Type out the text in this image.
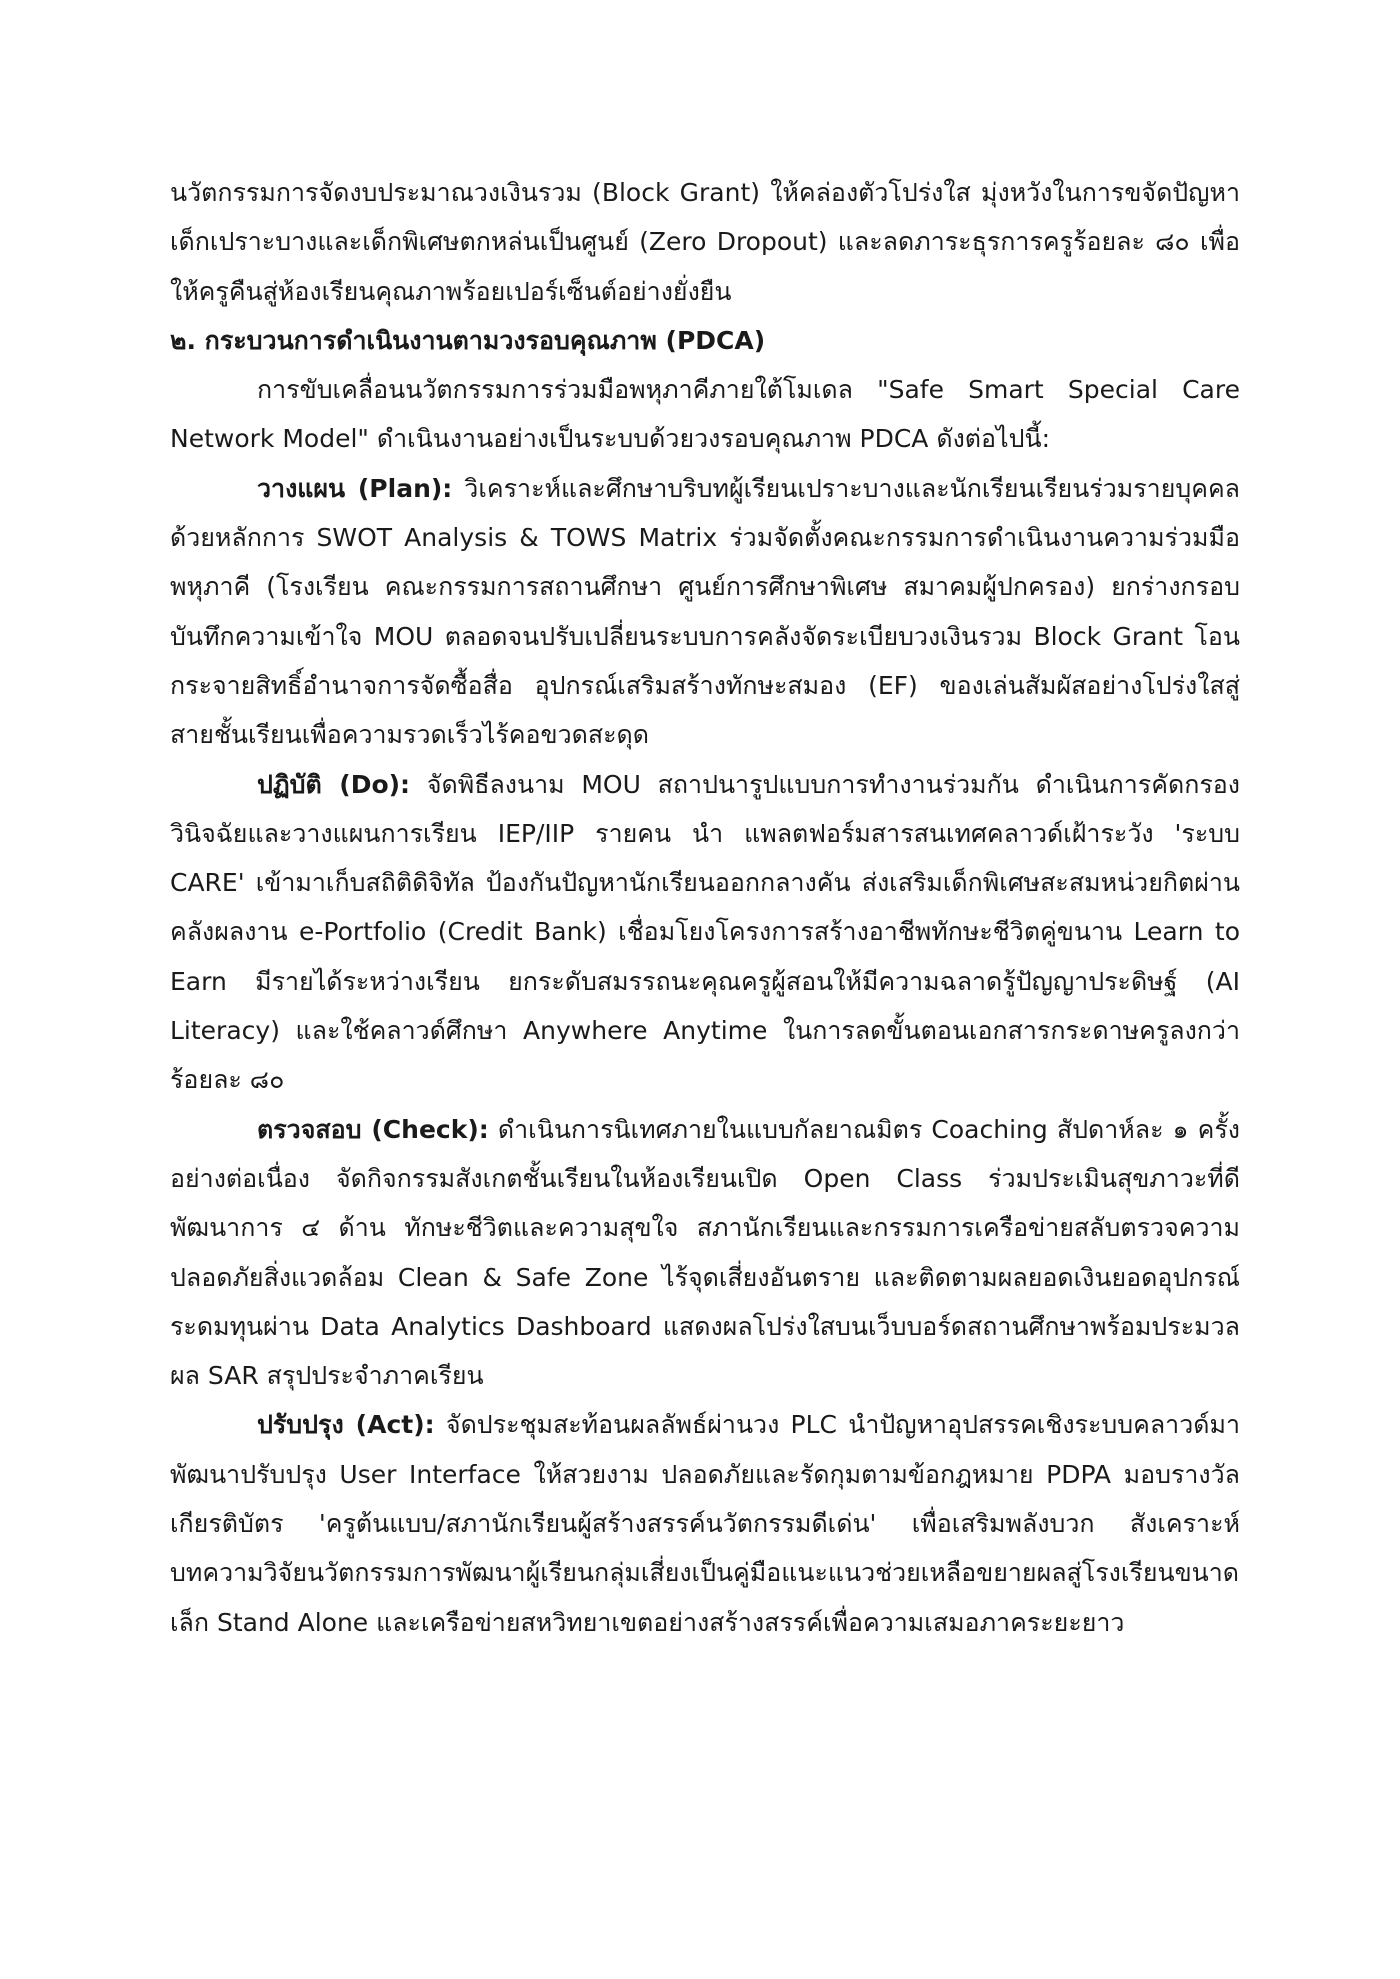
นวัตกรรมการจัดงบประมาณวงเงินรวม (Block Grant) ให้คล่องตัวโปร่งใส มุ่งหวังในการขจัดปัญหาเด็กเปราะบางและเด็กพิเศษตกหล่นเป็นศูนย์ (Zero Dropout) และลดภาระธุรการครูร้อยละ ๘๐ เพื่อให้ครูคืนสู่ห้องเรียนคุณภาพร้อยเปอร์เซ็นต์อย่างยั่งยืน

๒. กระบวนการดำเนินงานตามวงรอบคุณภาพ (PDCA)

การขับเคลื่อนนวัตกรรมการร่วมมือพหุภาคีภายใต้โมเดล "Safe Smart Special Care Network Model" ดำเนินงานอย่างเป็นระบบด้วยวงรอบคุณภาพ PDCA ดังต่อไปนี้:

วางแผน (Plan): วิเคราะห์และศึกษาบริบทผู้เรียนเปราะบางและนักเรียนเรียนร่วมรายบุคคลด้วยหลักการ SWOT Analysis & TOWS Matrix ร่วมจัดตั้งคณะกรรมการดำเนินงานความร่วมมือพหุภาคี (โรงเรียน คณะกรรมการสถานศึกษา ศูนย์การศึกษาพิเศษ สมาคมผู้ปกครอง) ยกร่างกรอบบันทึกความเข้าใจ MOU ตลอดจนปรับเปลี่ยนระบบการคลังจัดระเบียบวงเงินรวม Block Grant โอนกระจายสิทธิ์อำนาจการจัดซื้อสื่อ อุปกรณ์เสริมสร้างทักษะสมอง (EF) ของเล่นสัมผัสอย่างโปร่งใสสู่สายชั้นเรียนเพื่อความรวดเร็วไร้คอขวดสะดุด

ปฏิบัติ (Do): จัดพิธีลงนาม MOU สถาปนารูปแบบการทำงานร่วมกัน ดำเนินการคัดกรอง วินิจฉัยและวางแผนการเรียน IEP/IIP รายคน นำ แพลตฟอร์มสารสนเทศคลาวด์เฝ้าระวัง 'ระบบ CARE' เข้ามาเก็บสถิติดิจิทัล ป้องกันปัญหานักเรียนออกกลางคัน ส่งเสริมเด็กพิเศษสะสมหน่วยกิตผ่านคลังผลงาน e-Portfolio (Credit Bank) เชื่อมโยงโครงการสร้างอาชีพทักษะชีวิตคู่ขนาน Learn to Earn มีรายได้ระหว่างเรียน ยกระดับสมรรถนะคุณครูผู้สอนให้มีความฉลาดรู้ปัญญาประดิษฐ์ (AI Literacy) และใช้คลาวด์ศึกษา Anywhere Anytime ในการลดขั้นตอนเอกสารกระดาษครูลงกว่าร้อยละ ๘๐

ตรวจสอบ (Check): ดำเนินการนิเทศภายในแบบกัลยาณมิตร Coaching สัปดาห์ละ ๑ ครั้งอย่างต่อเนื่อง จัดกิจกรรมสังเกตชั้นเรียนในห้องเรียนเปิด Open Class ร่วมประเมินสุขภาวะที่ดี พัฒนาการ ๔ ด้าน ทักษะชีวิตและความสุขใจ สภานักเรียนและกรรมการเครือข่ายสลับตรวจความปลอดภัยสิ่งแวดล้อม Clean & Safe Zone ไร้จุดเสี่ยงอันตราย และติดตามผลยอดเงินยอดอุปกรณ์ระดมทุนผ่าน Data Analytics Dashboard แสดงผลโปร่งใสบนเว็บบอร์ดสถานศึกษาพร้อมประมวลผล SAR สรุปประจำภาคเรียน

ปรับปรุง (Act): จัดประชุมสะท้อนผลลัพธ์ผ่านวง PLC นำปัญหาอุปสรรคเชิงระบบคลาวด์มาพัฒนาปรับปรุง User Interface ให้สวยงาม ปลอดภัยและรัดกุมตามข้อกฎหมาย PDPA มอบรางวัลเกียรติบัตร 'ครูต้นแบบ/สภานักเรียนผู้สร้างสรรค์นวัตกรรมดีเด่น' เพื่อเสริมพลังบวก สังเคราะห์บทความวิจัยนวัตกรรมการพัฒนาผู้เรียนกลุ่มเสี่ยงเป็นคู่มือแนะแนวช่วยเหลือขยายผลสู่โรงเรียนขนาดเล็ก Stand Alone และเครือข่ายสหวิทยาเขตอย่างสร้างสรรค์เพื่อความเสมอภาคระยะยาว
